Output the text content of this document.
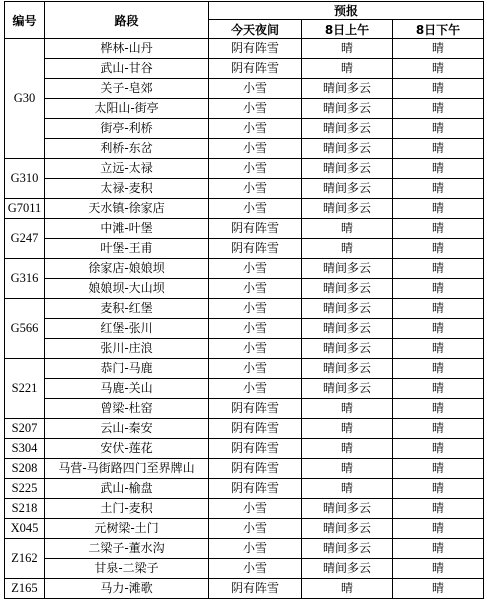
编号	路段	预报		
		今天夜间	8日上午	8日下午
G30	桦林-山丹	阴有阵雪	晴	晴
	武山-甘谷	阴有阵雪	晴	晴
	关子-皂郊	小雪	晴间多云	晴
	太阳山-街亭	小雪	晴间多云	晴
	街亭-利桥	小雪	晴间多云	晴
	利桥-东岔	小雪	晴间多云	晴
G310	立远-太禄	小雪	晴间多云	晴
	太禄-麦积	小雪	晴间多云	晴
G7011	天水镇-徐家店	小雪	晴间多云	晴
G247	中滩-叶堡	阴有阵雪	晴	晴
	叶堡-王甫	阴有阵雪	晴	晴
G316	徐家店-娘娘坝	小雪	晴间多云	晴
	娘娘坝-大山坝	小雪	晴间多云	晴
G566	麦积-红堡	小雪	晴间多云	晴
	红堡-张川	小雪	晴间多云	晴
	张川-庄浪	小雪	晴间多云	晴
S221	恭门-马鹿	小雪	晴间多云	晴
	马鹿-关山	小雪	晴间多云	晴
	曾梁-杜窑	阴有阵雪	晴	晴
S207	云山-秦安	阴有阵雪	晴	晴
S304	安伏-莲花	阴有阵雪	晴	晴
S208	马营-马街路四门至界牌山	阴有阵雪	晴	晴
S225	武山-榆盘	阴有阵雪	晴	晴
S218	土门-麦积	小雪	晴间多云	晴
X045	元树梁-土门	小雪	晴间多云	晴
Z162	二梁子-董水沟	小雪	晴间多云	晴
	甘泉-二梁子	小雪	晴间多云	晴
Z165	马力-滩歌	阴有阵雪	晴	晴
